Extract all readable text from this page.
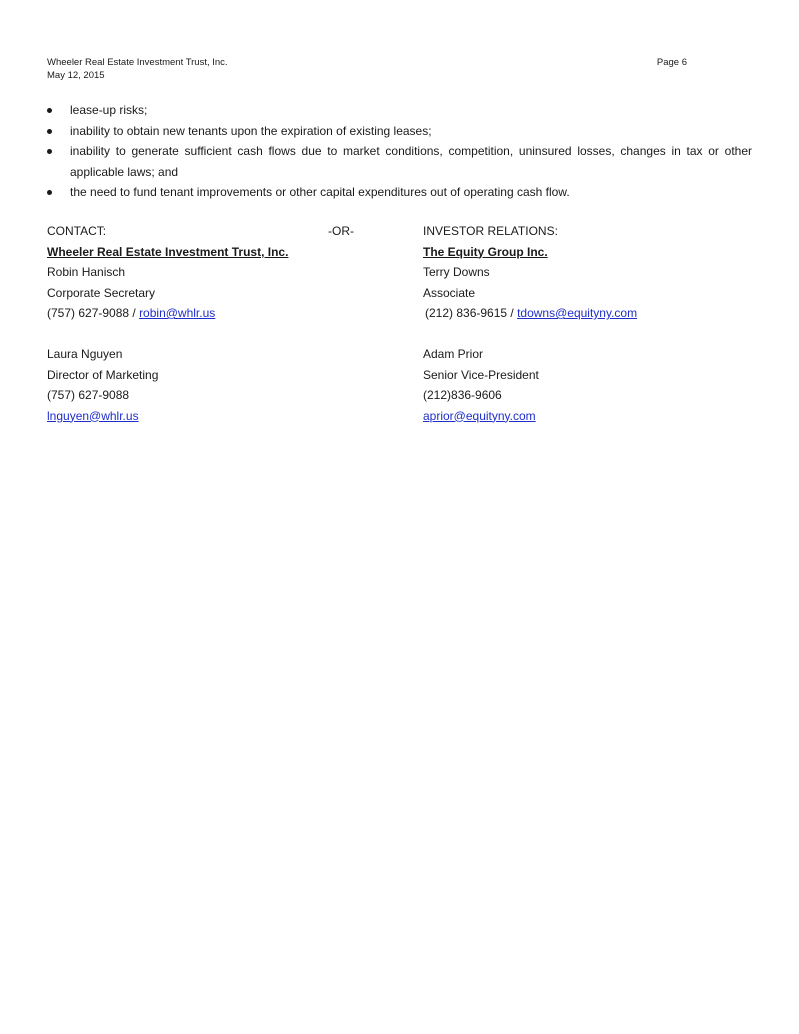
Wheeler Real Estate Investment Trust, Inc.	Page 6
May 12, 2015
lease-up risks;
inability to obtain new tenants upon the expiration of existing leases;
inability to generate sufficient cash flows due to market conditions, competition, uninsured losses, changes in tax or other applicable laws; and
the need to fund tenant improvements or other capital expenditures out of operating cash flow.
CONTACT:	-OR-	INVESTOR RELATIONS:
Wheeler Real Estate Investment Trust, Inc.	The Equity Group Inc.
Robin Hanisch	Terry Downs
Corporate Secretary	Associate
(757) 627-9088 / robin@whlr.us	(212) 836-9615 / tdowns@equityny.com
Laura Nguyen	Adam Prior
Director of Marketing	Senior Vice-President
(757) 627-9088	(212)836-9606
lnguyen@whlr.us	aprior@equityny.com
